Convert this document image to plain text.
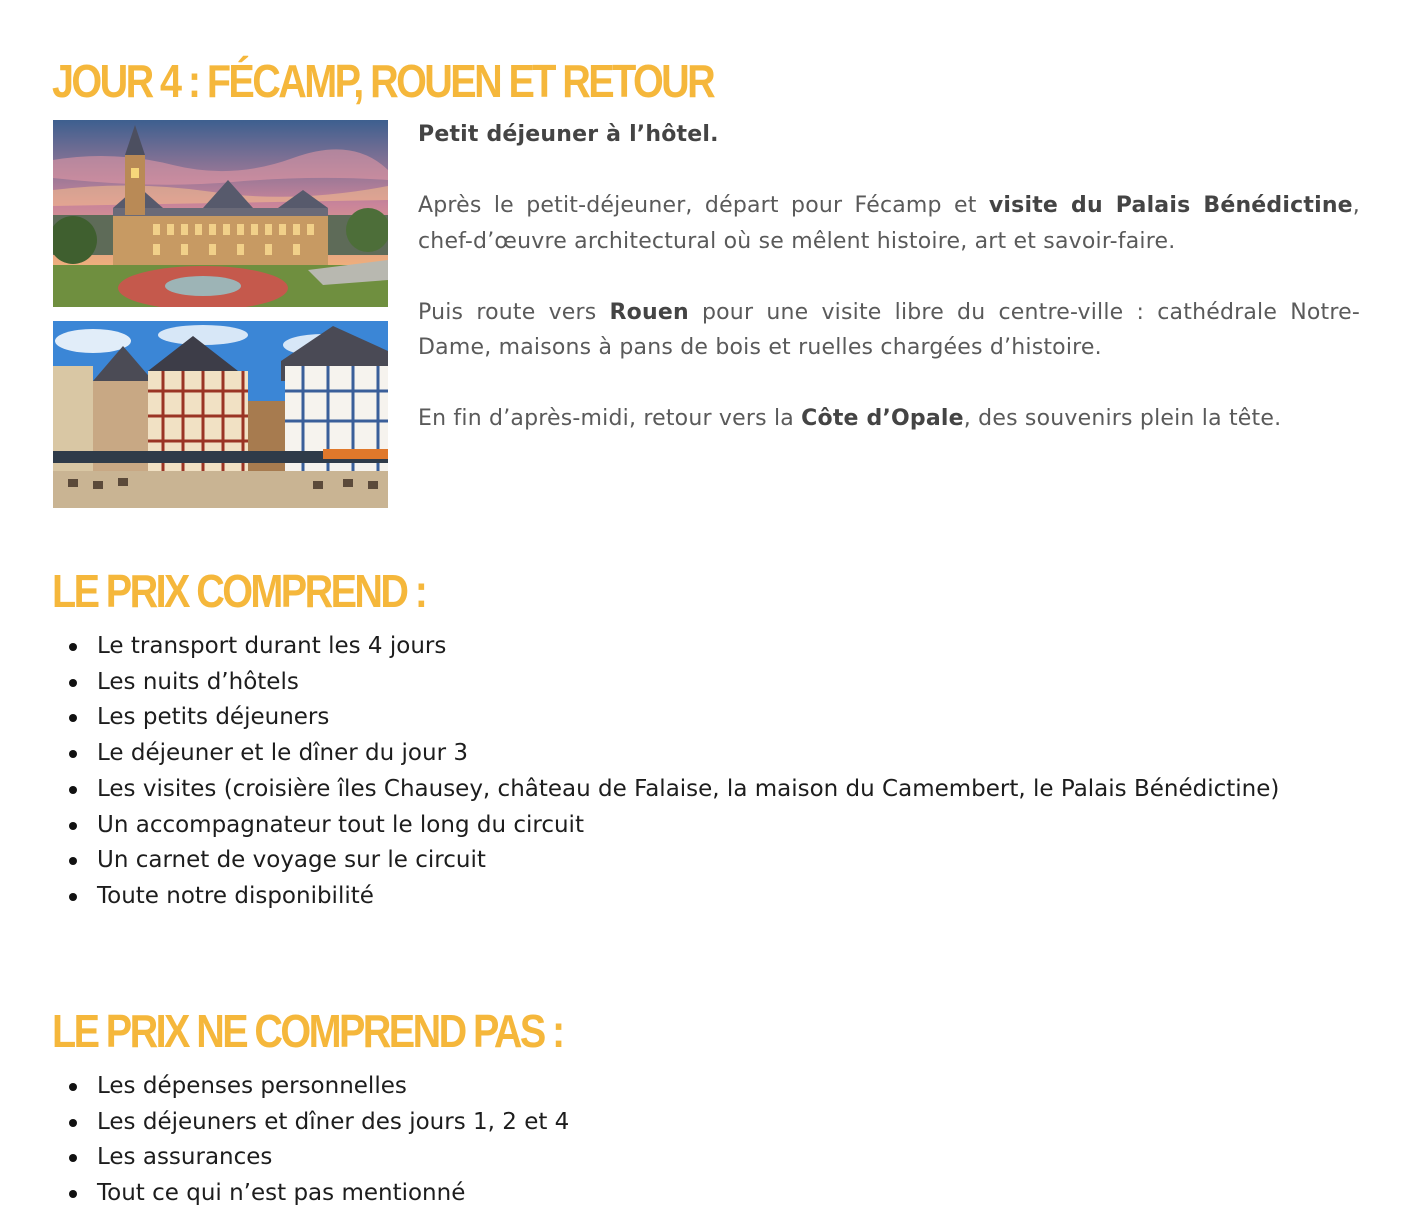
JOUR 4 : FÉCAMP, ROUEN ET RETOUR

Petit déjeuner à l’hôtel.

Après le petit-déjeuner, départ pour Fécamp et visite du Palais Bénédictine, chef-d’œuvre architectural où se mêlent histoire, art et savoir-faire.

Puis route vers Rouen pour une visite libre du centre-ville : cathédrale Notre-Dame, maisons à pans de bois et ruelles chargées d’histoire.

En fin d’après-midi, retour vers la Côte d’Opale, des souvenirs plein la tête.

LE PRIX COMPREND :
Le transport durant les 4 jours
Les nuits d’hôtels
Les petits déjeuners
Le déjeuner et le dîner du jour 3
Les visites (croisière îles Chausey, château de Falaise, la maison du Camembert, le Palais Bénédictine)
Un accompagnateur tout le long du circuit
Un carnet de voyage sur le circuit
Toute notre disponibilité
LE PRIX NE COMPREND PAS :
Les dépenses personnelles
Les déjeuners et dîner des jours 1, 2 et 4
Les assurances
Tout ce qui n’est pas mentionné
